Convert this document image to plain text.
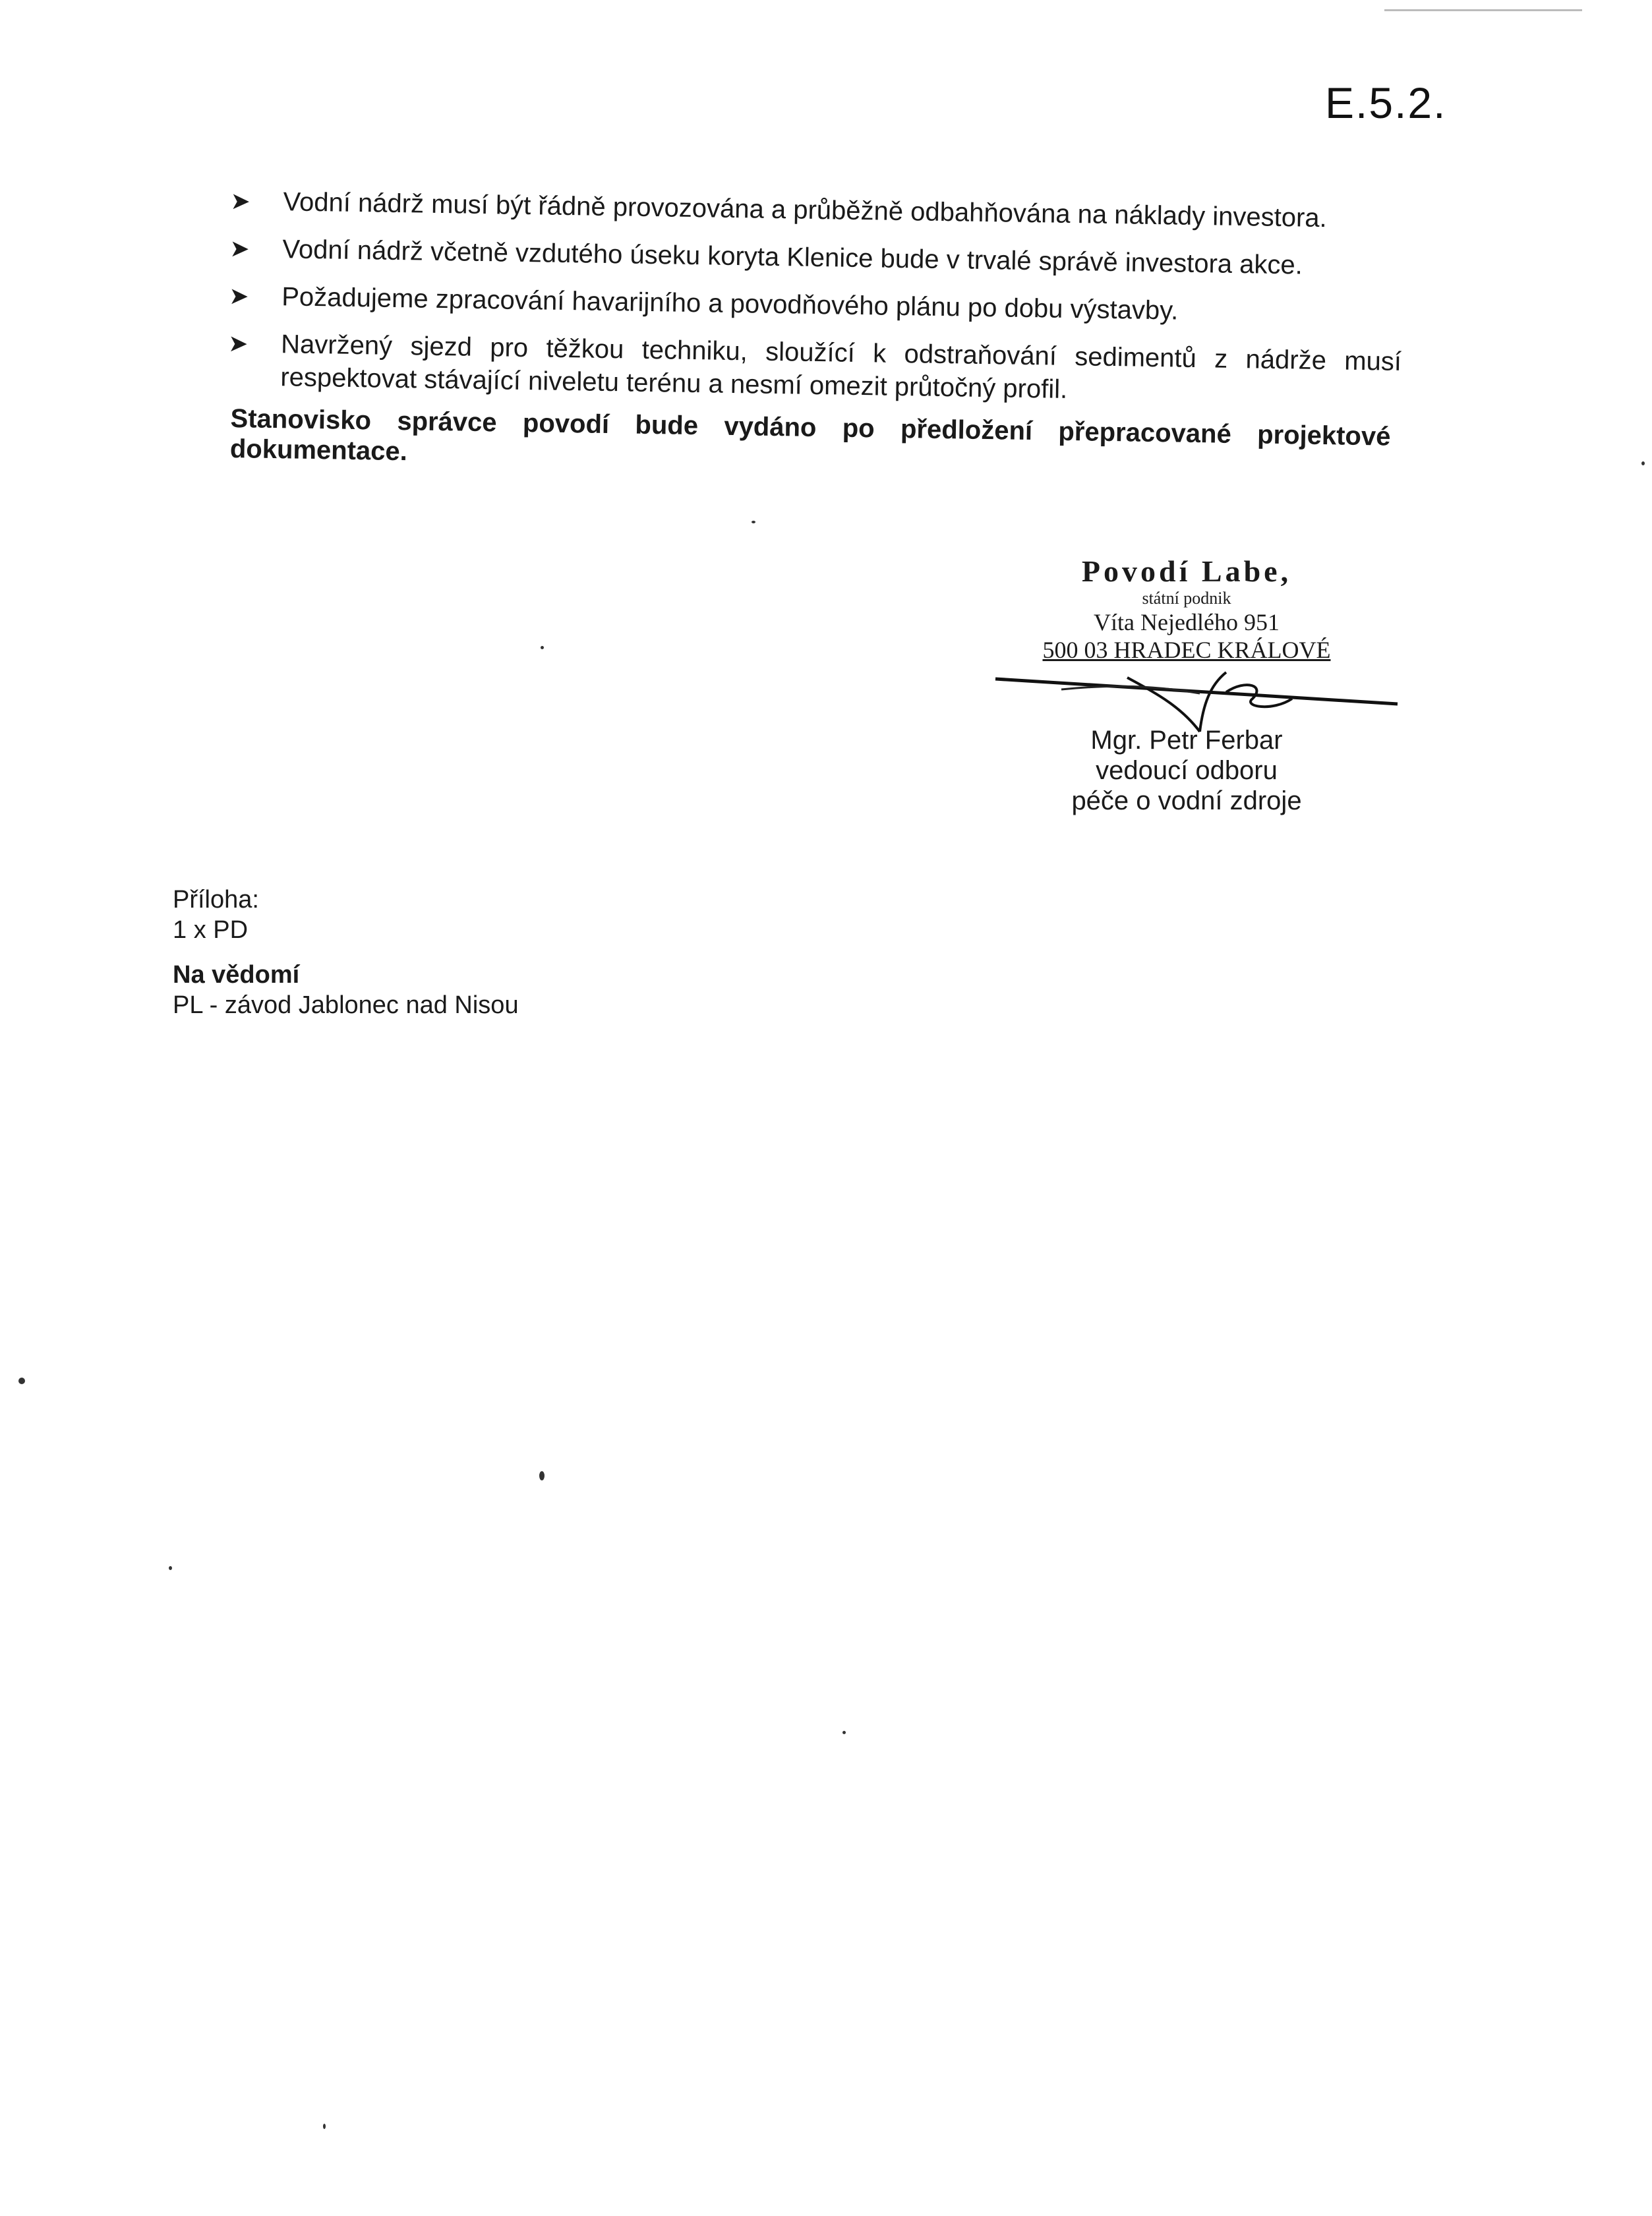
E.5.2.
➤ Vodní nádrž musí být řádně provozována a průběžně odbahňována na náklady investora.
➤ Vodní nádrž včetně vzdutého úseku koryta Klenice bude v trvalé správě investora akce.
➤ Požadujeme zpracování havarijního a povodňového plánu po dobu výstavby.
➤ Navržený sjezd pro těžkou techniku, sloužící k odstraňování sedimentů z nádrže musí respektovat stávající niveletu terénu a nesmí omezit průtočný profil.
Stanovisko správce povodí bude vydáno po předložení přepracované projektové dokumentace.
Povodí Labe,
státní podnik
Víta Nejedlého 951
500 03 HRADEC KRÁLOVÉ
Mgr. Petr Ferbar
vedoucí odboru
péče o vodní zdroje
Příloha:
1 x PD
Na vědomí
PL - závod Jablonec nad Nisou
